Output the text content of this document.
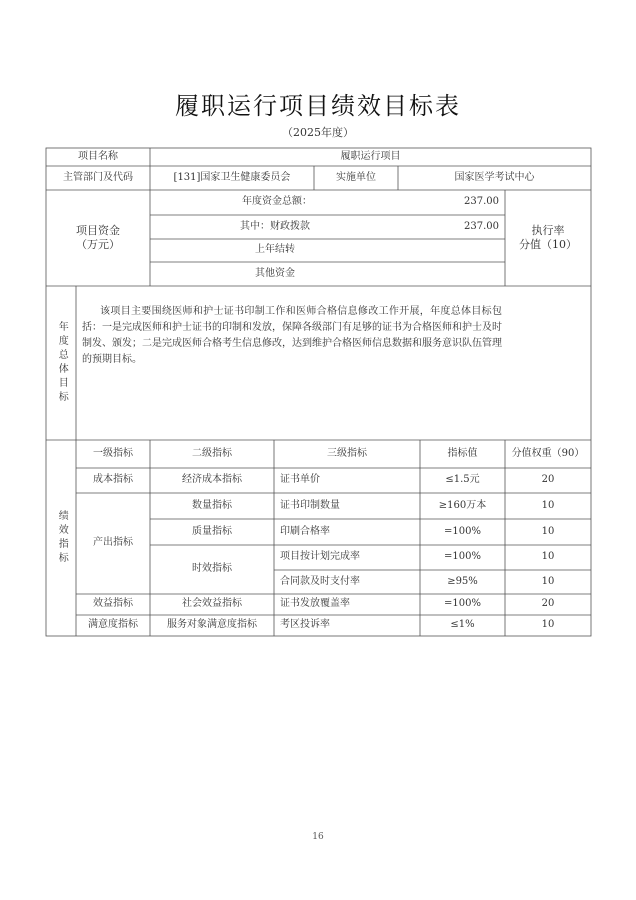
履职运行项目绩效目标表
（2025年度）
项目名称	履职运行项目
主管部门及代码	[131]国家卫生健康委员会	实施单位	国家医学考试中心
项目资金
（万元）
年度资金总额：	237.00
其中：财政拨款	237.00
上年结转
其他资金
执行率
分值（10）
年度总体目标
该项目主要围绕医师和护士证书印制工作和医师合格信息修改工作开展，年度总体目标包括：一是完成医师和护士证书的印制和发放，保障各级部门有足够的证书为合格医师和护士及时制发、颁发；二是完成医师合格考生信息修改，达到维护合格医师信息数据和服务意识队伍管理的预期目标。
绩效指标
一级指标	二级指标	三级指标	指标值	分值权重（90）
成本指标	经济成本指标	证书单价	≤1.5元	20
产出指标
数量指标	证书印制数量	≥160万本	10
质量指标	印刷合格率	=100%	10
时效指标
项目按计划完成率	=100%	10
合同款及时支付率	≥95%	10
效益指标	社会效益指标	证书发放覆盖率	=100%	20
满意度指标	服务对象满意度指标	考区投诉率	≤1%	10
16
